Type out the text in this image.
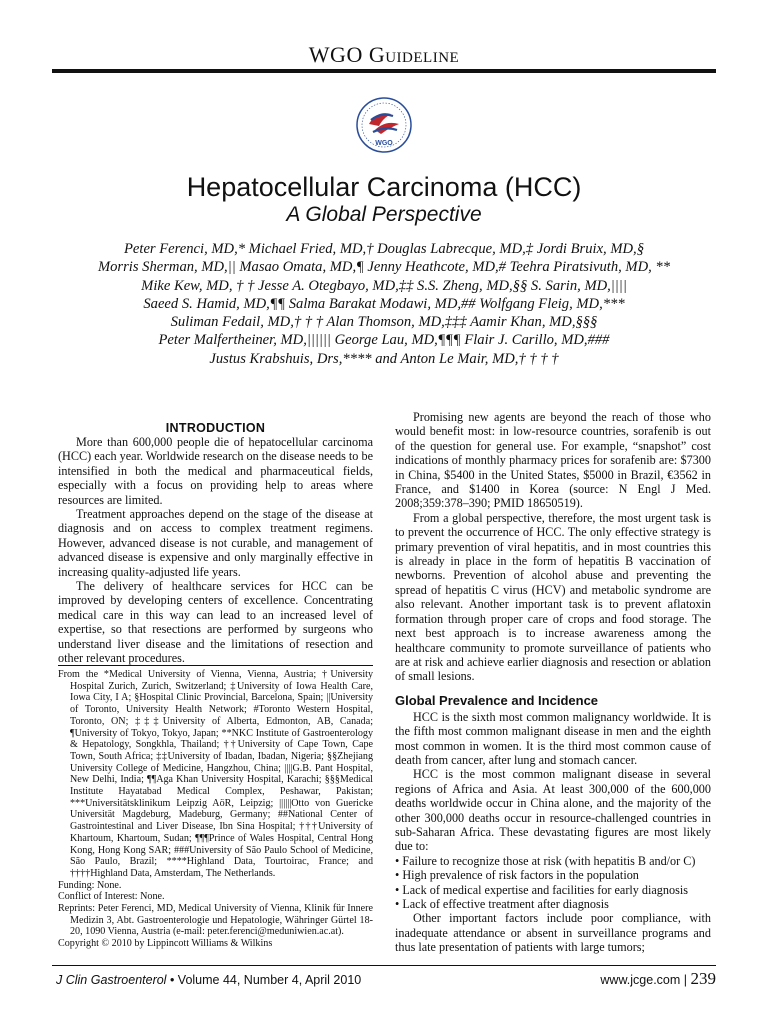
WGO Guideline
WGO
Hepatocellular Carcinoma (HCC)
A Global Perspective
Peter Ferenci, MD,* Michael Fried, MD,† Douglas Labrecque, MD,‡ Jordi Bruix, MD,§
Morris Sherman, MD,|| Masao Omata, MD,¶ Jenny Heathcote, MD,# Teehra Piratsivuth, MD, **
Mike Kew, MD, † † Jesse A. Otegbayo, MD,‡‡ S.S. Zheng, MD,§§ S. Sarin, MD,||||
Saeed S. Hamid, MD,¶¶ Salma Barakat Modawi, MD,## Wolfgang Fleig, MD,***
Suliman Fedail, MD,† † † Alan Thomson, MD,‡‡‡ Aamir Khan, MD,§§§
Peter Malfertheiner, MD,|||||| George Lau, MD,¶¶¶ Flair J. Carillo, MD,###
Justus Krabshuis, Drs,**** and Anton Le Mair, MD,† † † †
INTRODUCTION

More than 600,000 people die of hepatocellular carcinoma (HCC) each year. Worldwide research on the disease needs to be intensified in both the medical and pharmaceutical fields, especially with a focus on providing help to areas where resources are limited.

Treatment approaches depend on the stage of the disease at diagnosis and on access to complex treatment regimens. However, advanced disease is not curable, and management of advanced disease is expensive and only marginally effective in increasing quality-adjusted life years.

The delivery of healthcare services for HCC can be improved by developing centers of excellence. Concentrating medical care in this way can lead to an increased level of expertise, so that resections are performed by surgeons who understand liver disease and the limitations of resection and other relevant procedures.

From the *Medical University of Vienna, Vienna, Austria; †University Hospital Zurich, Zurich, Switzerland; ‡University of Iowa Health Care, Iowa City, I A; §Hospital Clinic Provincial, Barcelona, Spain; ||University of Toronto, University Health Network; #Toronto Western Hospital, Toronto, ON; ‡‡‡University of Alberta, Edmonton, AB, Canada; ¶University of Tokyo, Tokyo, Japan; **NKC Institute of Gastroenterology & Hepatology, Songkhla, Thailand; ††University of Cape Town, Cape Town, South Africa; ‡‡University of Ibadan, Ibadan, Nigeria; §§Zhejiang University College of Medicine, Hangzhou, China; ||||G.B. Pant Hospital, New Delhi, India; ¶¶Aga Khan University Hospital, Karachi; §§§Medical Institute Hayatabad Medical Complex, Peshawar, Pakistan; ***Universitätsklinikum Leipzig AöR, Leipzig; ||||||Otto von Guericke Universität Magdeburg, Madeburg, Germany; ##National Center of Gastrointestinal and Liver Disease, Ibn Sina Hospital; †††University of Khartoum, Khartoum, Sudan; ¶¶¶Prince of Wales Hospital, Central Hong Kong, Hong Kong SAR; ###University of São Paulo School of Medicine, São Paulo, Brazil; ****Highland Data, Tourtoirac, France; and ††††Highland Data, Amsterdam, The Netherlands.

Funding: None.

Conflict of Interest: None.

Reprints: Peter Ferenci, MD, Medical University of Vienna, Klinik für Innere Medizin 3, Abt. Gastroenterologie und Hepatologie, Währinger Gürtel 18-20, 1090 Vienna, Austria (e-mail: peter.ferenci@meduniwien.ac.at).

Copyright © 2010 by Lippincott Williams & Wilkins

Promising new agents are beyond the reach of those who would benefit most: in low-resource countries, sorafenib is out of the question for general use. For example, “snapshot” cost indications of monthly pharmacy prices for sorafenib are: $7300 in China, $5400 in the United States, $5000 in Brazil, €3562 in France, and $1400 in Korea (source: N Engl J Med. 2008;359:378–390; PMID 18650519).

From a global perspective, therefore, the most urgent task is to prevent the occurrence of HCC. The only effective strategy is primary prevention of viral hepatitis, and in most countries this is already in place in the form of hepatitis B vaccination of newborns. Prevention of alcohol abuse and preventing the spread of hepatitis C virus (HCV) and metabolic syndrome are also relevant. Another important task is to prevent aflatoxin formation through proper care of crops and food storage. The next best approach is to increase awareness among the healthcare community to promote surveillance of patients who are at risk and achieve earlier diagnosis and resection or ablation of small lesions.

Global Prevalence and Incidence

HCC is the sixth most common malignancy worldwide. It is the fifth most common malignant disease in men and the eighth most common in women. It is the third most common cause of death from cancer, after lung and stomach cancer.

HCC is the most common malignant disease in several regions of Africa and Asia. At least 300,000 of the 600,000 deaths worldwide occur in China alone, and the majority of the other 300,000 deaths occur in resource-challenged countries in sub-Saharan Africa. These devastating figures are most likely due to:

• Failure to recognize those at risk (with hepatitis B and/or C)
• High prevalence of risk factors in the population
• Lack of medical expertise and facilities for early diagnosis
• Lack of effective treatment after diagnosis

Other important factors include poor compliance, with inadequate attendance or absent in surveillance programs and thus late presentation of patients with large tumors;

J Clin Gastroenterol • Volume 44, Number 4, April 2010	www.jcge.com | 239
